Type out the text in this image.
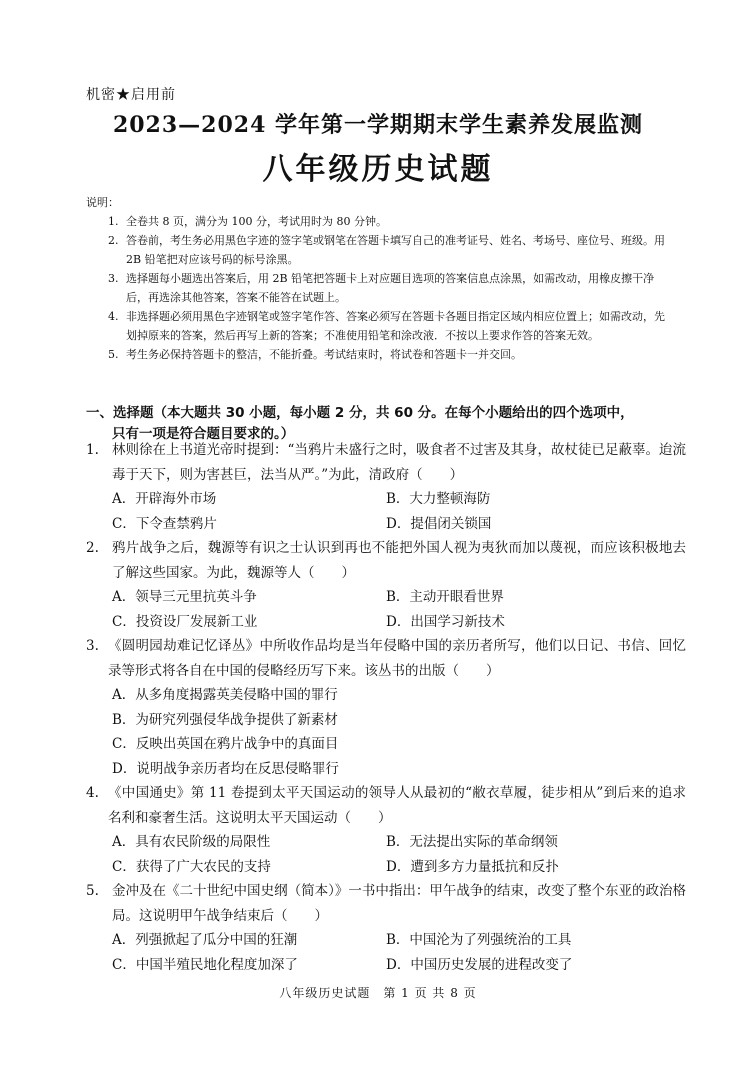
机密★启用前
2023—2024 学年第一学期期末学生素养发展监测
八年级历史试题
说明：
1. 全卷共 8 页，满分为 100 分，考试用时为 80 分钟。
2. 答卷前，考生务必用黑色字迹的签字笔或钢笔在答题卡填写自己的准考证号、姓名、考场号、座位号、班级。用 2B 铅笔把对应该号码的标号涂黑。
3. 选择题每小题选出答案后，用 2B 铅笔把答题卡上对应题目选项的答案信息点涂黑，如需改动，用橡皮擦干净后，再选涂其他答案，答案不能答在试题上。
4. 非选择题必须用黑色字迹钢笔或签字笔作答、答案必须写在答题卡各题目指定区域内相应位置上；如需改动，先划掉原来的答案，然后再写上新的答案；不准使用铅笔和涂改液．不按以上要求作答的答案无效。
5. 考生务必保持答题卡的整洁，不能折叠。考试结束时，将试卷和答题卡一并交回。
一、选择题（本大题共 30 小题，每小题 2 分，共 60 分。在每个小题给出的四个选项中，
只有一项是符合题目要求的。）
1. 林则徐在上书道光帝时提到：“当鸦片未盛行之时，吸食者不过害及其身，故杖徒已足蔽辜。迨流毒于天下，则为害甚巨，法当从严。”为此，清政府（　　）
A．开辟海外市场	B．大力整顿海防
C．下令查禁鸦片	D．提倡闭关锁国
2. 鸦片战争之后，魏源等有识之士认识到再也不能把外国人视为夷狄而加以蔑视，而应该积极地去了解这些国家。为此，魏源等人（　　）
A．领导三元里抗英斗争	B．主动开眼看世界
C．投资设厂发展新工业	D．出国学习新技术
3. 《圆明园劫难记忆译丛》中所收作品均是当年侵略中国的亲历者所写，他们以日记、书信、回忆录等形式将各自在中国的侵略经历写下来。该丛书的出版（　　）
A．从多角度揭露英美侵略中国的罪行
B．为研究列强侵华战争提供了新素材
C．反映出英国在鸦片战争中的真面目
D．说明战争亲历者均在反思侵略罪行
4. 《中国通史》第 11 卷提到太平天国运动的领导人从最初的“敝衣草履，徒步相从”到后来的追求名利和豪奢生活。这说明太平天国运动（　　）
A．具有农民阶级的局限性	B．无法提出实际的革命纲领
C．获得了广大农民的支持	D．遭到多方力量抵抗和反扑
5. 金冲及在《二十世纪中国史纲（简本）》一书中指出：甲午战争的结束，改变了整个东亚的政治格局。这说明甲午战争结束后（　　）
A．列强掀起了瓜分中国的狂潮	B．中国沦为了列强统治的工具
C．中国半殖民地化程度加深了	D．中国历史发展的进程改变了
八年级历史试题　第 1 页 共 8 页
